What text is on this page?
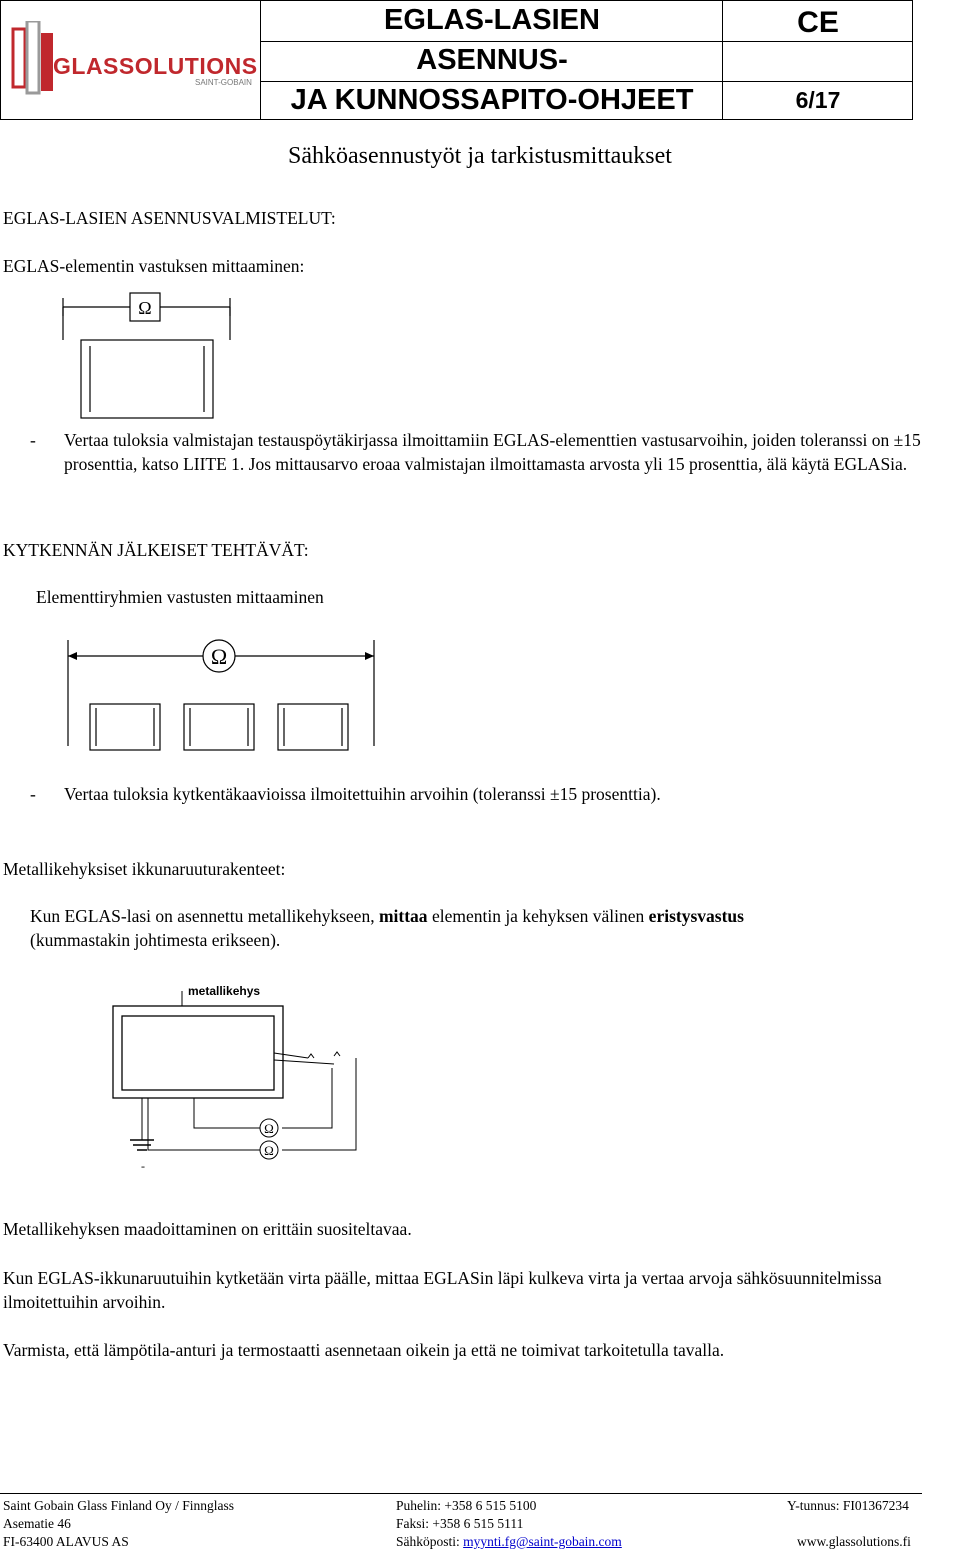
GLASSOLUTIONS
SAINT-GOBAIN
EGLAS-LASIEN
ASENNUS-
JA KUNNOSSAPITO-OHJEET
CE
6/17
Sähköasennustyöt ja tarkistusmittaukset
EGLAS-LASIEN ASENNUSVALMISTELUT:
EGLAS-elementin vastuksen mittaaminen:
Ω
- Vertaa tuloksia valmistajan testauspöytäkirjassa ilmoittamiin EGLAS-elementtien vastusarvoihin, joiden toleranssi on ±15 prosenttia, katso LIITE 1. Jos mittausarvo eroaa valmistajan ilmoittamasta arvosta yli 15 prosenttia, älä käytä EGLASia.
KYTKENNÄN JÄLKEISET TEHTÄVÄT:
Elementtiryhmien vastusten mittaaminen
Ω
- Vertaa tuloksia kytkentäkaavioissa ilmoitettuihin arvoihin (toleranssi ±15 prosenttia).
Metallikehyksiset ikkunaruuturakenteet:
Kun EGLAS-lasi on asennettu metallikehykseen, mittaa elementin ja kehyksen välinen eristysvastus
(kummastakin johtimesta erikseen).
metallikehys
-
Ω
Ω
Metallikehyksen maadoittaminen on erittäin suositeltavaa.
Kun EGLAS-ikkunaruutuihin kytketään virta päälle, mittaa EGLASin läpi kulkeva virta ja vertaa arvoja sähkösuunnitelmissa ilmoitettuihin arvoihin.
Varmista, että lämpötila-anturi ja termostaatti asennetaan oikein ja että ne toimivat tarkoitetulla tavalla.
Saint Gobain Glass Finland Oy / Finnglass
Asematie 46
FI-63400 ALAVUS AS
Puhelin: +358 6 515 5100
Faksi: +358 6 515 5111
Sähköposti: myynti.fg@saint-gobain.com
Y-tunnus: FI01367234
www.glassolutions.fi
